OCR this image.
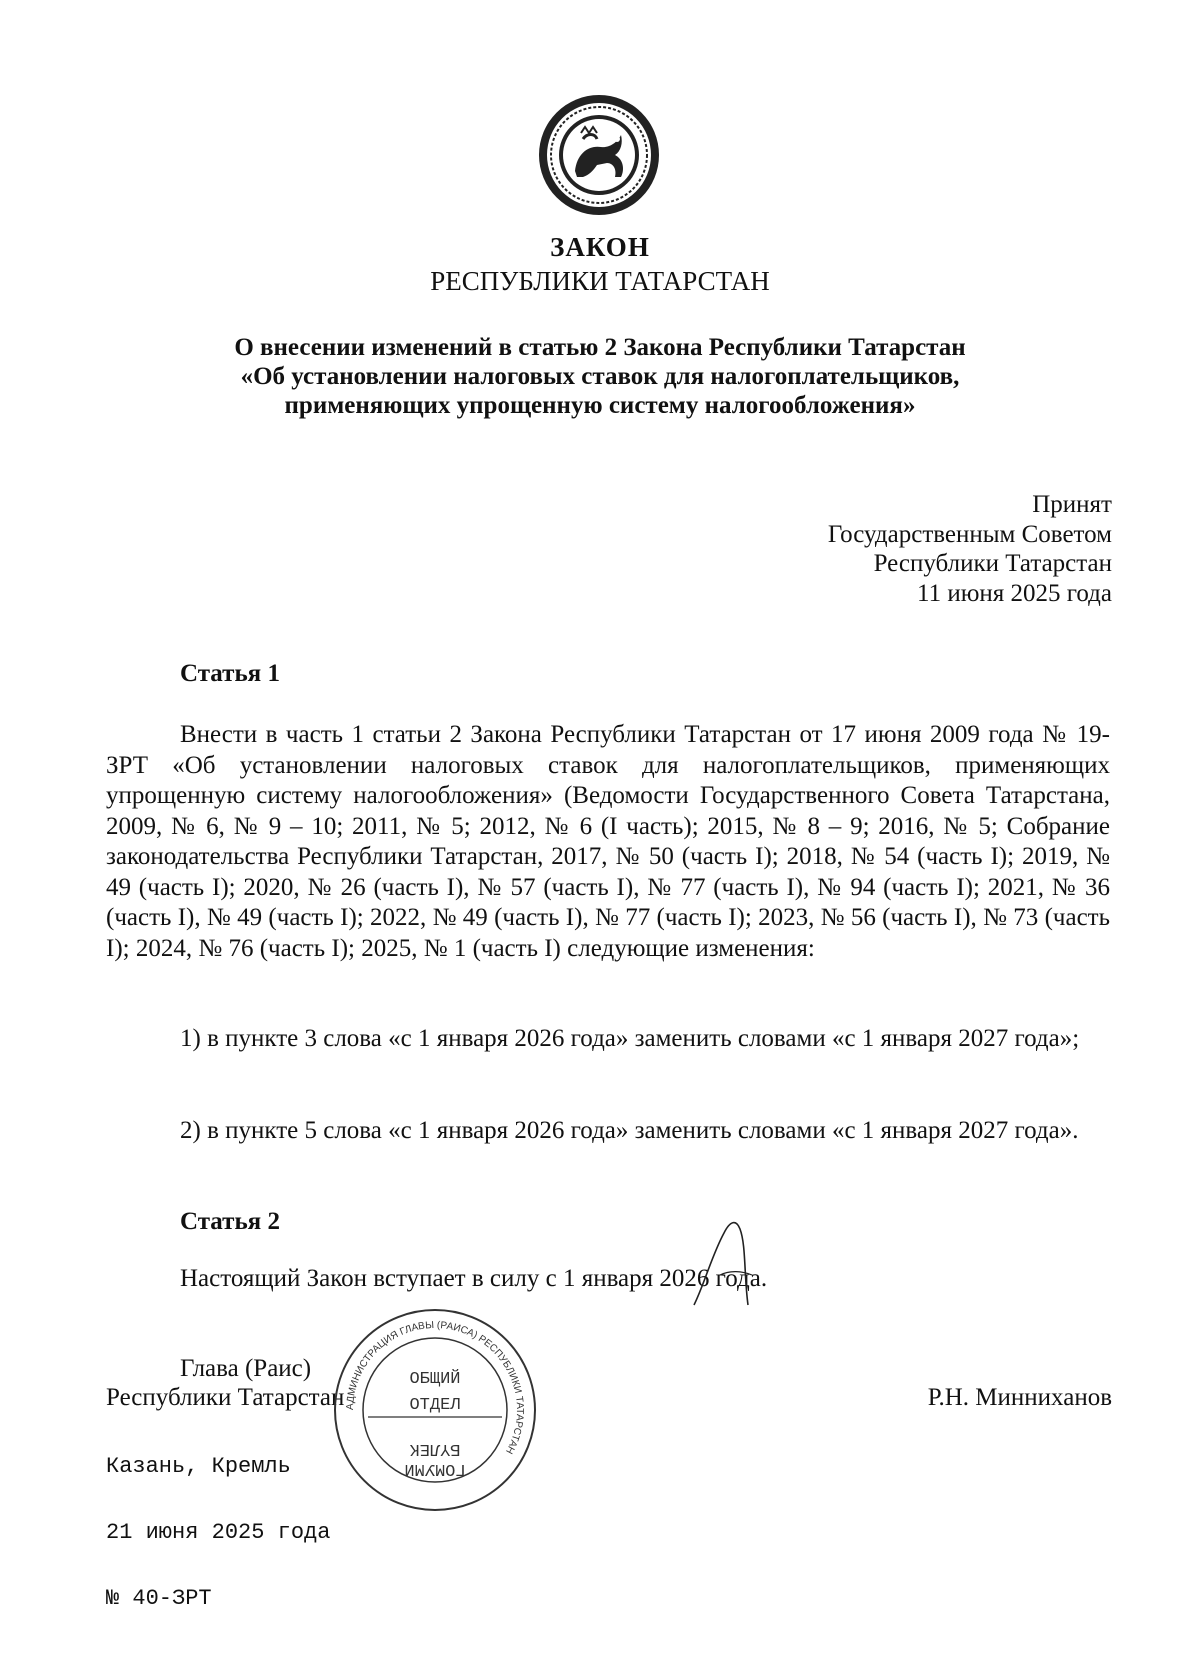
ЗАКОН
РЕСПУБЛИКИ ТАТАРСТАН
О внесении изменений в статью 2 Закона Республики Татарстан
«Об установлении налоговых ставок для налогоплательщиков,
применяющих упрощенную систему налогообложения»
Принят
Государственным Советом
Республики Татарстан
11 июня 2025 года
Статья 1

Внести в часть 1 статьи 2 Закона Республики Татарстан от 17 июня 2009 года № 19-ЗРТ «Об установлении налоговых ставок для налогоплательщиков, применяющих упрощенную систему налогообложения» (Ведомости Государственного Совета Татарстана, 2009, № 6, № 9 – 10; 2011, № 5; 2012, № 6 (I часть); 2015, № 8 – 9; 2016, № 5; Собрание законодательства Республики Татарстан, 2017, № 50 (часть I); 2018, № 54 (часть I); 2019, № 49 (часть I); 2020, № 26 (часть I), № 57 (часть I), № 77 (часть I), № 94 (часть I); 2021, № 36 (часть I), № 49 (часть I); 2022, № 49 (часть I), № 77 (часть I); 2023, № 56 (часть I), № 73 (часть I); 2024, № 76 (часть I); 2025, № 1 (часть I) следующие изменения:

1) в пункте 3 слова «с 1 января 2026 года» заменить словами «с 1 января 2027 года»;

2) в пункте 5 слова «с 1 января 2026 года» заменить словами «с 1 января 2027 года».

Статья 2

Настоящий Закон вступает в силу с 1 января 2026 года.

Глава (Раис)
Республики Татарстан	Р.Н. Минниханов

Казань, Кремль

21 июня 2025 года

№ 40-ЗРТ

АДМИНИСТРАЦИЯ ГЛАВЫ (РАИСА) РЕСПУБЛИКИ ТАТАРСТАН
ОБЩИЙ
ОТДЕЛ
БҮЛЕК
ГОМУМИ
